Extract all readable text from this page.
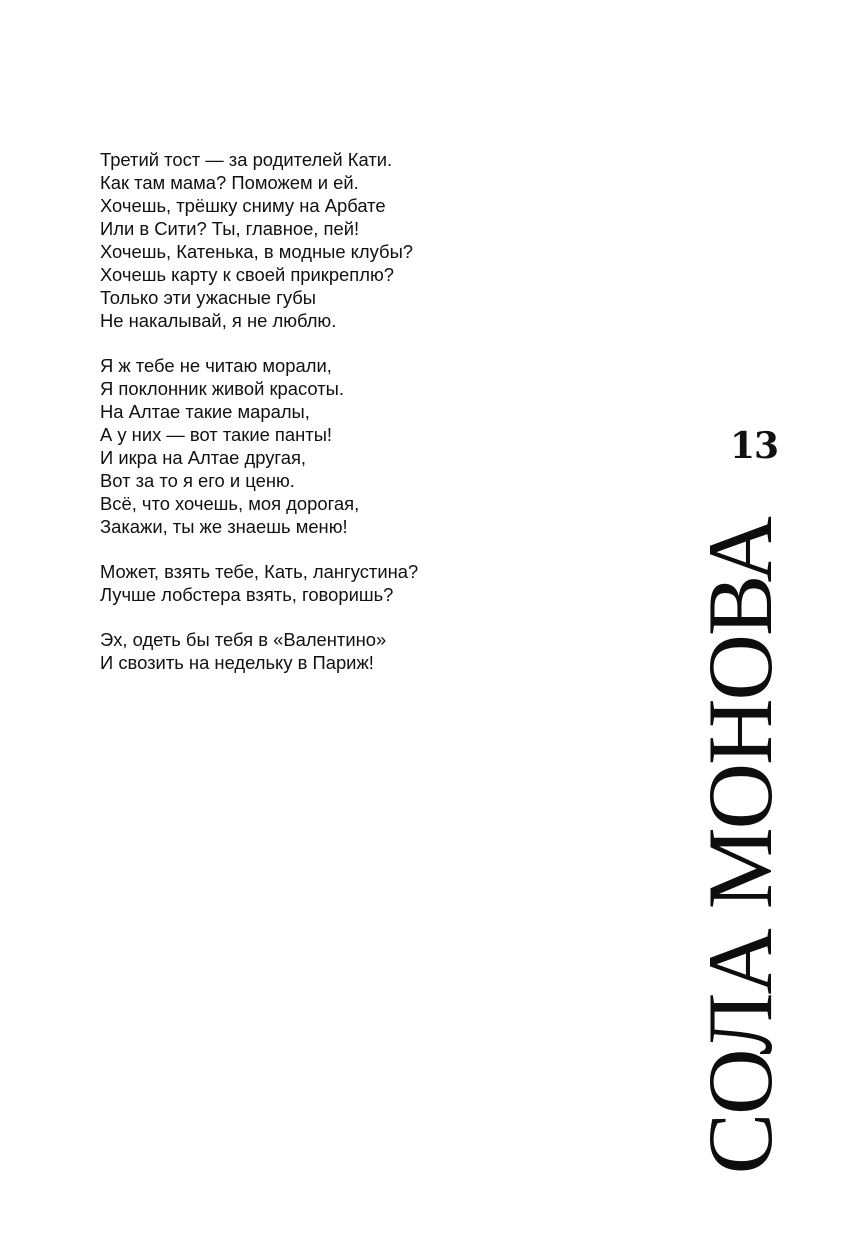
Третий тост — за родителей Кати.
Как там мама? Поможем и ей.
Хочешь, трёшку сниму на Арбате
Или в Сити? Ты, главное, пей!
Хочешь, Катенька, в модные клубы?
Хочешь карту к своей прикреплю?
Только эти ужасные губы
Не накалывай, я не люблю.
Я ж тебе не читаю морали,
Я поклонник живой красоты.
На Алтае такие маралы,
А у них — вот такие панты!
И икра на Алтае другая,
Вот за то я его и ценю.
Всё, что хочешь, моя дорогая,
Закажи, ты же знаешь меню!
Может, взять тебе, Кать, лангустина?
Лучше лобстера взять, говоришь?
Эх, одеть бы тебя в «Валентино»
И свозить на недельку в Париж!
13
СОЛА МОНОВА
